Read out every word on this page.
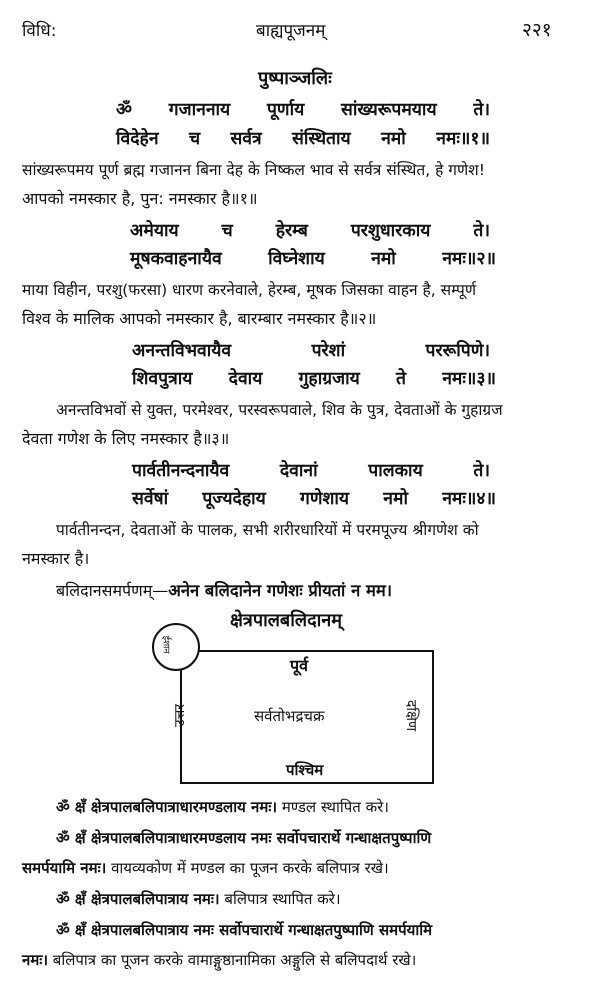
विधि:	बाह्यपूजनम्	२२१
पुष्पाञ्जलिः
ॐ गजाननाय पूर्णाय सांख्यरूपमयाय ते।
विदेहेन च सर्वत्र संस्थिताय नमो नमः॥१॥
सांख्यरूपमय पूर्ण ब्रह्म गजानन बिना देह के निष्कल भाव से सर्वत्र संस्थित, हे गणेश!
आपको नमस्कार है, पुन: नमस्कार है॥१॥
अमेयाय च हेरम्ब परशुधारकाय ते।
मूषकवाहनायैव	विघ्नेशाय	नमो	नमः॥२॥
माया विहीन, परशु(फरसा) धारण करनेवाले, हेरम्ब, मूषक जिसका वाहन है, सम्पूर्ण
विश्व के मालिक आपको नमस्कार है, बारम्बार नमस्कार है॥२॥
अनन्तविभवायैव	परेशां	पररूपिणे।
शिवपुत्राय देवाय गुहाग्रजाय ते नमः॥३॥
अनन्तविभवों से युक्त, परमेश्वर, परस्वरूपवाले, शिव के पुत्र, देवताओं के गुहाग्रज
देवता गणेश के लिए नमस्कार है॥३॥
पार्वतीनन्दनायैव	देवानां	पालकाय	ते।
सर्वेषां पूज्यदेहाय गणेशाय नमो नमः॥४॥
पार्वतीनन्दन, देवताओं के पालक, सभी शरीरधारियों में परमपूज्य श्रीगणेश को
नमस्कार है।
बलिदानसमर्पणम्—अनेन बलिदानेन गणेशः प्रीयतां न मम।
क्षेत्रपालबलिदानम्
ईशान
पूर्व
उत्तर	सर्वतोभद्रचक्र	दक्षिण
पश्चिम
ॐ क्षँ क्षेत्रपालबलिपात्राधारमण्डलाय नमः। मण्डल स्थापित करे।
ॐ क्षँ क्षेत्रपालबलिपात्राधारमण्डलाय नमः सर्वोपचारार्थे गन्धाक्षतपुष्पाणि
समर्पयामि नमः। वायव्यकोण में मण्डल का पूजन करके बलिपात्र रखे।
ॐ क्षँ क्षेत्रपालबलिपात्राय नमः। बलिपात्र स्थापित करे।
ॐ क्षँ क्षेत्रपालबलिपात्राय नमः सर्वोपचारार्थे गन्धाक्षतपुष्पाणि समर्पयामि
नमः। बलिपात्र का पूजन करके वामाङ्गुष्ठानामिका अङ्गुलि से बलिपदार्थ रखे।
